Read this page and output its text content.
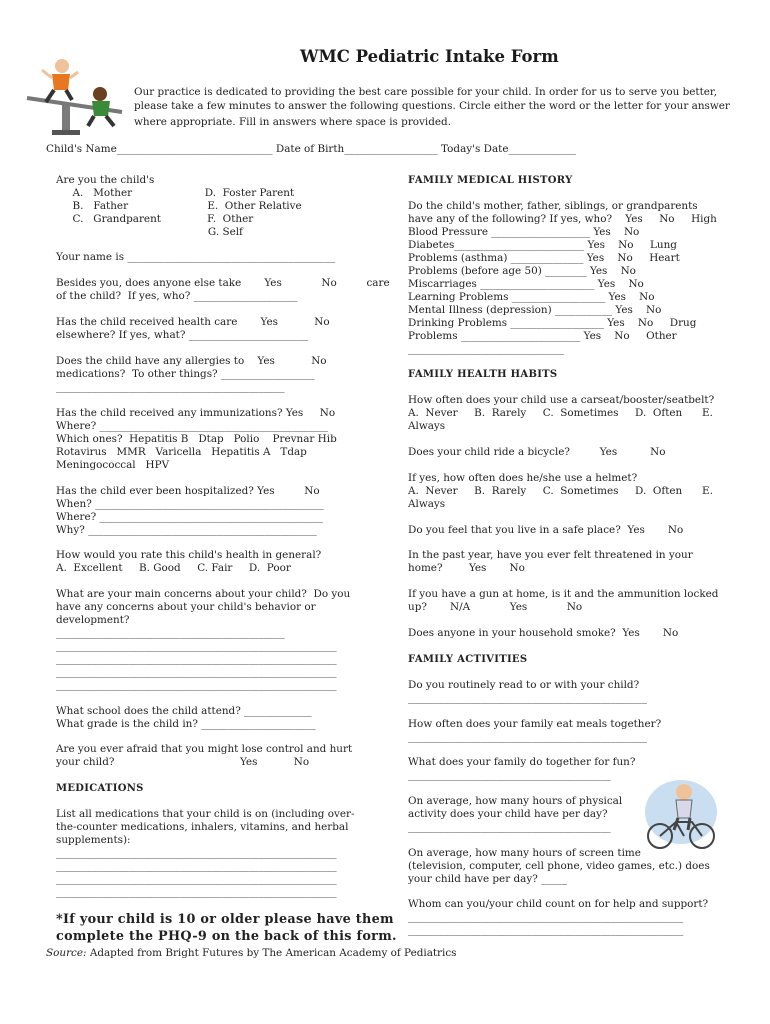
WMC Pediatric Intake Form
Our practice is dedicated to providing the best care possible for your child. In order for us to serve you better,
please take a few minutes to answer the following questions. Circle either the word or the letter for your answer
where appropriate. Fill in answers where space is provided.
Child's Name______________________________ Date of Birth__________________ Today's Date_____________
Are you the child's
A.   Mother                      D.  Foster Parent
B.   Father                        E.  Other Relative
C.   Grandparent              F.  Other
G. Self
Your name is ________________________________________
Besides you, does anyone else take       Yes            No         care
of the child?  If yes, who? ____________________
Has the child received health care       Yes           No
elsewhere? If yes, what? _______________________
Does the child have any allergies to    Yes           No
medications?  To other things? __________________
____________________________________________
Has the child received any immunizations? Yes     No
Where? ____________________________________________
Which ones?  Hepatitis B   Dtap   Polio    Prevnar Hib
Rotavirus   MMR   Varicella   Hepatitis A   Tdap
Meningococcal   HPV
Has the child ever been hospitalized? Yes         No
When? ____________________________________________
Where? ___________________________________________
Why? ____________________________________________
How would you rate this child's health in general?
A.  Excellent     B. Good     C. Fair     D.  Poor
What are your main concerns about your child?  Do you
have any concerns about your child's behavior or
development?
____________________________________________
______________________________________________________
______________________________________________________
______________________________________________________
______________________________________________________
What school does the child attend? _____________
What grade is the child in? ______________________
Are you ever afraid that you might lose control and hurt
your child?                                      Yes           No
MEDICATIONS
List all medications that your child is on (including over-
the-counter medications, inhalers, vitamins, and herbal
supplements):
______________________________________________________
______________________________________________________
______________________________________________________
______________________________________________________
*If your child is 10 or older please have them
complete the PHQ-9 on the back of this form.
Source: Adapted from Bright Futures by The American Academy of Pediatrics
FAMILY MEDICAL HISTORY
Do the child's mother, father, siblings, or grandparents
have any of the following? If yes, who?    Yes     No     High
Blood Pressure ___________________ Yes    No
Diabetes_________________________ Yes    No     Lung
Problems (asthma) ______________ Yes    No     Heart
Problems (before age 50) ________ Yes    No
Miscarriages ______________________ Yes    No
Learning Problems __________________ Yes    No
Mental Illness (depression) ___________ Yes    No
Drinking Problems __________________ Yes    No     Drug
Problems _______________________ Yes    No     Other
______________________________
FAMILY HEALTH HABITS
How often does your child use a carseat/booster/seatbelt?
A.  Never     B.  Rarely     C.  Sometimes     D.  Often      E.
Always
Does your child ride a bicycle?         Yes          No
If yes, how often does he/she use a helmet?
A.  Never     B.  Rarely     C.  Sometimes     D.  Often      E.
Always
Do you feel that you live in a safe place?  Yes       No
In the past year, have you ever felt threatened in your
home?        Yes       No
If you have a gun at home, is it and the ammunition locked
up?       N/A            Yes            No
Does anyone in your household smoke?  Yes       No
FAMILY ACTIVITIES
Do you routinely read to or with your child?
______________________________________________
How often does your family eat meals together?
______________________________________________
What does your family do together for fun?
_______________________________________
On average, how many hours of physical
activity does your child have per day?
_______________________________________
On average, how many hours of screen time
(television, computer, cell phone, video games, etc.) does
your child have per day? _____
Whom can you/your child count on for help and support?
_____________________________________________________
_____________________________________________________
